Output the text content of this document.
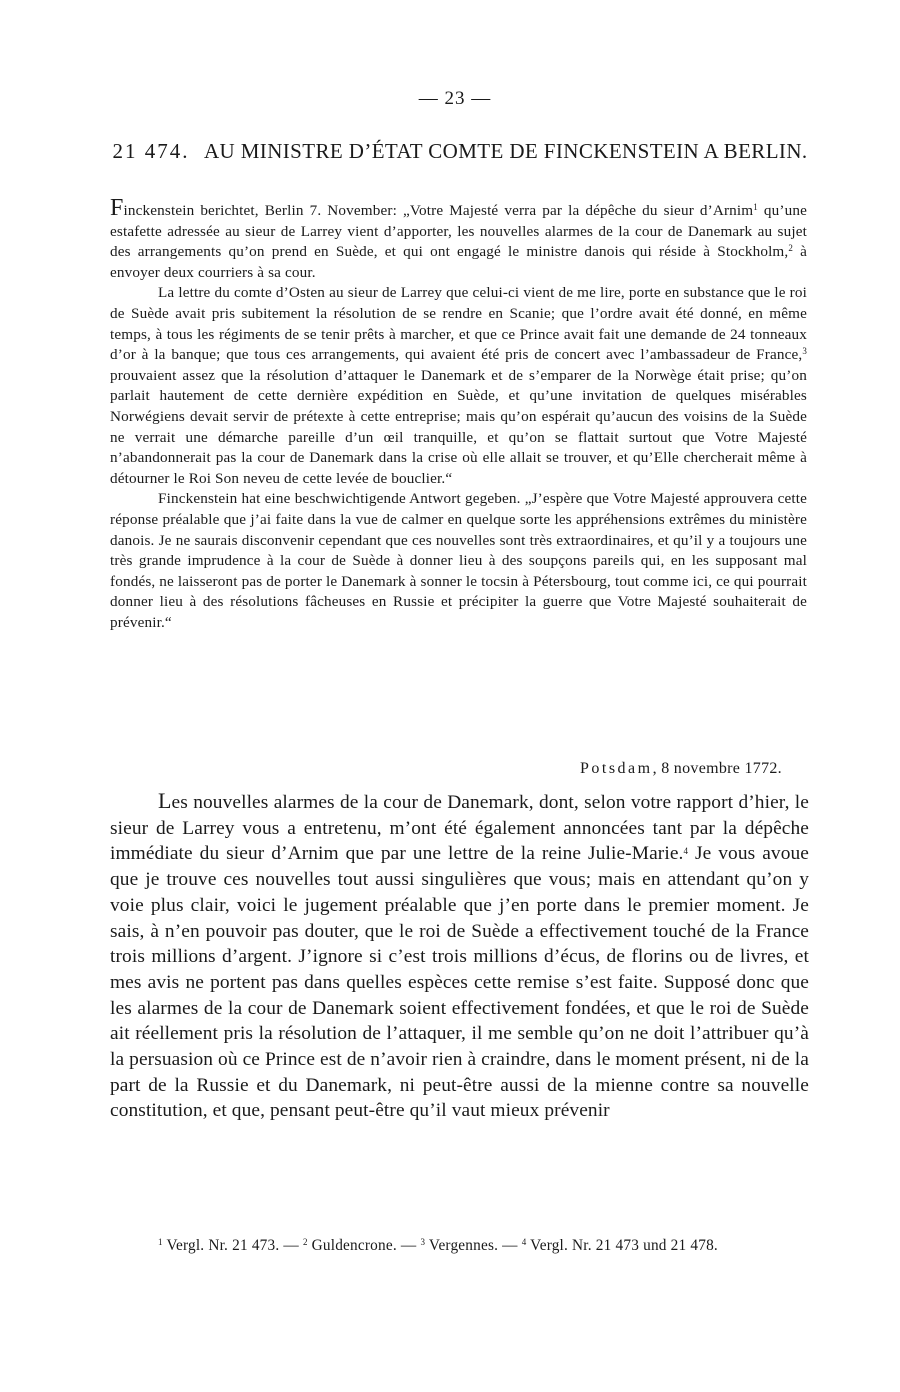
— 23 —
21 474. AU MINISTRE D’ÉTAT COMTE DE FINCKENSTEIN A BERLIN.

Finckenstein berichtet, Berlin 7. November: „Votre Majesté verra par la dépêche du sieur d’Arnim$^1$ qu’une estafette adressée au sieur de Larrey vient d’apporter, les nouvelles alarmes de la cour de Danemark au sujet des arrangements qu’on prend en Suède, et qui ont engagé le ministre danois qui réside à Stockholm,$^2$ à envoyer deux courriers à sa cour.

La lettre du comte d’Osten au sieur de Larrey que celui-ci vient de me lire, porte en substance que le roi de Suède avait pris subitement la résolution de se rendre en Scanie; que l’ordre avait été donné, en même temps, à tous les régiments de se tenir prêts à marcher, et que ce Prince avait fait une demande de 24 tonneaux d’or à la banque; que tous ces arrangements, qui avaient été pris de concert avec l’ambassadeur de France,$^3$ prouvaient assez que la résolution d’attaquer le Danemark et de s’emparer de la Norwège était prise; qu’on parlait hautement de cette dernière expédition en Suède, et qu’une invitation de quelques misérables Norwégiens devait servir de prétexte à cette entreprise; mais qu’on espérait qu’aucun des voisins de la Suède ne verrait une démarche pareille d’un œil tranquille, et qu’on se flattait surtout que Votre Majesté n’abandonnerait pas la cour de Danemark dans la crise où elle allait se trouver, et qu’Elle chercherait même à détourner le Roi Son neveu de cette levée de bouclier.“

Finckenstein hat eine beschwichtigende Antwort gegeben. „J’espère que Votre Majesté approuvera cette réponse préalable que j’ai faite dans la vue de calmer en quelque sorte les appréhensions extrêmes du ministère danois. Je ne saurais disconvenir cependant que ces nouvelles sont très extraordinaires, et qu’il y a toujours une très grande imprudence à la cour de Suède à donner lieu à des soupçons pareils qui, en les supposant mal fondés, ne laisseront pas de porter le Danemark à sonner le tocsin à Pétersbourg, tout comme ici, ce qui pourrait donner lieu à des résolutions fâcheuses en Russie et précipiter la guerre que Votre Majesté souhaiterait de prévenir.“

Potsdam, 8 novembre 1772.

Les nouvelles alarmes de la cour de Danemark, dont, selon votre rapport d’hier, le sieur de Larrey vous a entretenu, m’ont été également annoncées tant par la dépêche immédiate du sieur d’Arnim que par une lettre de la reine Julie-Marie.$^4$ Je vous avoue que je trouve ces nouvelles tout aussi singulières que vous; mais en attendant qu’on y voie plus clair, voici le jugement préalable que j’en porte dans le premier moment. Je sais, à n’en pouvoir pas douter, que le roi de Suède a effectivement touché de la France trois millions d’argent. J’ignore si c’est trois millions d’écus, de florins ou de livres, et mes avis ne portent pas dans quelles espèces cette remise s’est faite. Supposé donc que les alarmes de la cour de Danemark soient effectivement fondées, et que le roi de Suède ait réellement pris la résolution de l’attaquer, il me semble qu’on ne doit l’attribuer qu’à la persuasion où ce Prince est de n’avoir rien à craindre, dans le moment présent, ni de la part de la Russie et du Danemark, ni peut-être aussi de la mienne contre sa nouvelle constitution, et que, pensant peut-être qu’il vaut mieux prévenir

$^1$ Vergl. Nr. 21 473. — $^2$ Guldencrone. — $^3$ Vergennes. — $^4$ Vergl. Nr. 21 473 und 21 478.
